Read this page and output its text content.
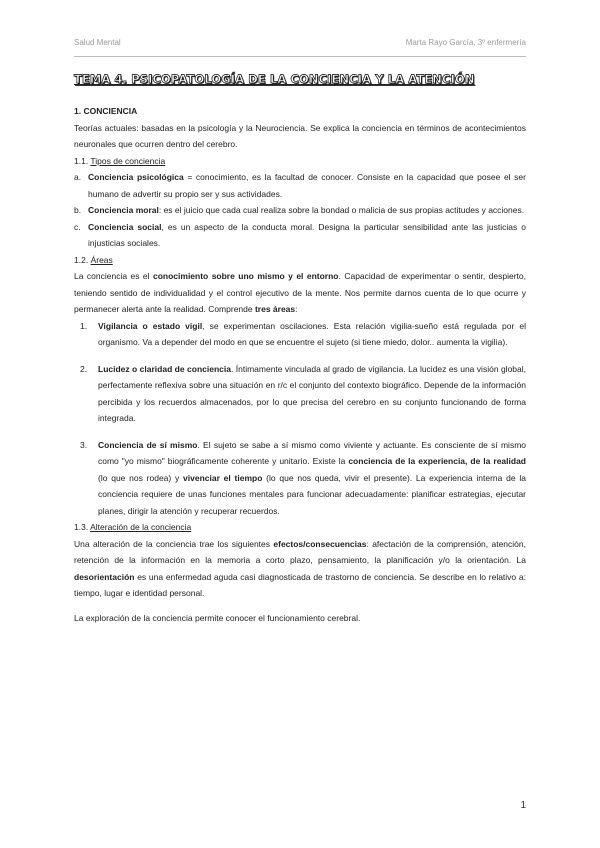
Salud Mental	Marta Rayo García, 3º enfermería
TEMA 4. PSICOPATOLOGÍA DE LA CONCIENCIA Y LA ATENCIÓN

1. CONCIENCIA

Teorías actuales: basadas en la psicología y la Neurociencia. Se explica la conciencia en términos de acontecimientos neuronales que ocurren dentro del cerebro.

1.1. Tipos de conciencia

a. Conciencia psicológica = conocimiento, es la facultad de conocer. Consiste en la capacidad que posee el ser humano de advertir su propio ser y sus actividades.
b. Conciencia moral: es el juicio que cada cual realiza sobre la bondad o malicia de sus propias actitudes y acciones.
c. Conciencia social, es un aspecto de la conducta moral. Designa la particular sensibilidad ante las justicias o injusticias sociales.

1.2. Áreas

La conciencia es el conocimiento sobre uno mismo y el entorno. Capacidad de experimentar o sentir, despierto, teniendo sentido de individualidad y el control ejecutivo de la mente. Nos permite darnos cuenta de lo que ocurre y permanecer alerta ante la realidad. Comprende tres áreas:

1. Vigilancia o estado vigil, se experimentan oscilaciones. Esta relación vigilia-sueño está regulada por el organismo. Va a depender del modo en que se encuentre el sujeto (si tiene miedo, dolor.. aumenta la vigilia).
2. Lucidez o claridad de conciencia. Íntimamente vinculada al grado de vigilancia. La lucidez es una visión global, perfectamente reflexiva sobre una situación en r/c el conjunto del contexto biográfico. Depende de la información percibida y los recuerdos almacenados, por lo que precisa del cerebro en su conjunto funcionando de forma integrada.
3. Conciencia de sí mismo. El sujeto se sabe a sí mismo como viviente y actuante. Es consciente de sí mismo como "yo mismo" biográficamente coherente y unitario. Existe la conciencia de la experiencia, de la realidad (lo que nos rodea) y vivenciar el tiempo (lo que nos queda, vivir el presente). La experiencia interna de la conciencia requiere de unas funciones mentales para funcionar adecuadamente: planificar estrategias, ejecutar planes, dirigir la atención y recuperar recuerdos.

1.3. Alteración de la conciencia

Una alteración de la conciencia trae los siguientes efectos/consecuencias: afectación de la comprensión, atención, retención de la información en la memoria a corto plazo, pensamiento, la planificación y/o la orientación. La desorientación es una enfermedad aguda casi diagnosticada de trastorno de conciencia. Se describe en lo relativo a: tiempo, lugar e identidad personal.

La exploración de la conciencia permite conocer el funcionamiento cerebral.

1
